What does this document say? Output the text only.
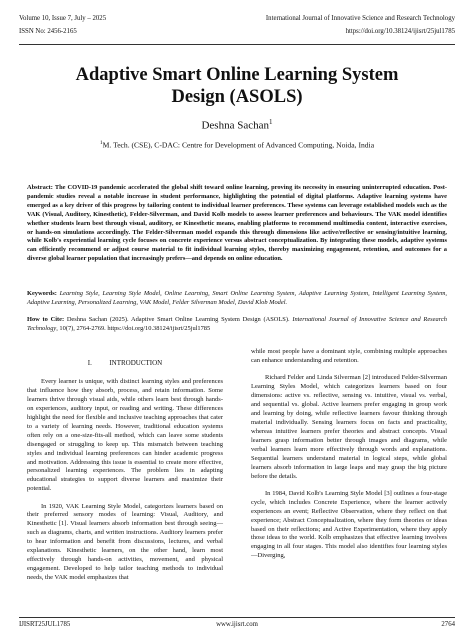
Volume 10, Issue 7, July – 2025	International Journal of Innovative Science and Research Technology
ISSN No: 2456-2165	https://doi.org/10.38124/ijisrt/25jul1785
Adaptive Smart Online Learning System
Design (ASOLS)
Deshna Sachan$^1$
$^1$M. Tech. (CSE), C-DAC: Centre for Development of Advanced Computing, Noida, India
Abstract: The COVID-19 pandemic accelerated the global shift toward online learning, proving its necessity in ensuring uninterrupted education. Post-pandemic studies reveal a notable increase in student performance, highlighting the potential of digital platforms. Adaptive learning systems have emerged as a key driver of this progress by tailoring content to individual learner preferences. These systems can leverage established models such as the VAK (Visual, Auditory, Kinesthetic), Felder-Silverman, and David Kolb models to assess learner preferences and behaviours. The VAK model identifies whether students learn best through visual, auditory, or Kinesthetic means, enabling platforms to recommend multimedia content, interactive exercises, or hands-on simulations accordingly. The Felder-Silverman model expands this through dimensions like active/reflective or sensing/intuitive learning, while Kolb's experiential learning cycle focuses on concrete experience versus abstract conceptualization. By integrating these models, adaptive systems can efficiently recommend or adjust course material to fit individual learning styles, thereby maximizing engagement, retention, and outcomes for a diverse global learner population that increasingly prefers—and depends on online education.
Keywords: Learning Style, Learning Style Model, Online Learning, Smart Online Learning System, Adaptive Learning System, Intelligent Learning System, Adaptive Learning, Personalized Learning, VAK Model, Felder Silverman Model, David Klob Model.
How to Cite: Deshna Sachan (2025). Adaptive Smart Online Learning System Design (ASOLS). International Journal of Innovative Science and Research Technology, 10(7), 2764-2769. https://doi.org/10.38124/ijisrt/25jul1785
I.          INTRODUCTION

Every learner is unique, with distinct learning styles and preferences that influence how they absorb, process, and retain information. Some learners thrive through visual aids, while others learn best through hands-on experiences, auditory input, or reading and writing. These differences highlight the need for flexible and inclusive teaching approaches that cater to a variety of learning needs. However, traditional education systems often rely on a one-size-fits-all method, which can leave some students disengaged or struggling to keep up. This mismatch between teaching styles and individual learning preferences can hinder academic progress and motivation. Addressing this issue is essential to create more effective, personalized learning experiences. The problem lies in adapting educational strategies to support diverse learners and maximize their potential.

In 1920, VAK Learning Style Model, categorizes learners based on their preferred sensory modes of learning: Visual, Auditory, and Kinesthetic [1]. Visual learners absorb information best through seeing—such as diagrams, charts, and written instructions. Auditory learners prefer to hear information and benefit from discussions, lectures, and verbal explanations. Kinesthetic learners, on the other hand, learn most effectively through hands-on activities, movement, and physical engagement. Developed to help tailor teaching methods to individual needs, the VAK model emphasizes that

while most people have a dominant style, combining multiple approaches can enhance understanding and retention.

Richard Felder and Linda Silverman [2] introduced Felder-Silverman Learning Styles Model, which categorizes learners based on four dimensions: active vs. reflective, sensing vs. intuitive, visual vs. verbal, and sequential vs. global. Active learners prefer engaging in group work and learning by doing, while reflective learners favour thinking through material individually. Sensing learners focus on facts and practicality, whereas intuitive learners prefer theories and abstract concepts. Visual learners grasp information better through images and diagrams, while verbal learners learn more effectively through words and explanations. Sequential learners understand material in logical steps, while global learners absorb information in large leaps and may grasp the big picture before the details.

In 1984, David Kolb's Learning Style Model [3] outlines a four-stage cycle, which includes Concrete Experience, where the learner actively experiences an event; Reflective Observation, where they reflect on that experience; Abstract Conceptualization, where they form theories or ideas based on their reflections; and Active Experimentation, where they apply those ideas to the world. Kolb emphasizes that effective learning involves engaging in all four stages. This model also identifies four learning styles—Diverging,

IJISRT25JUL1785	www.ijisrt.com	2764
